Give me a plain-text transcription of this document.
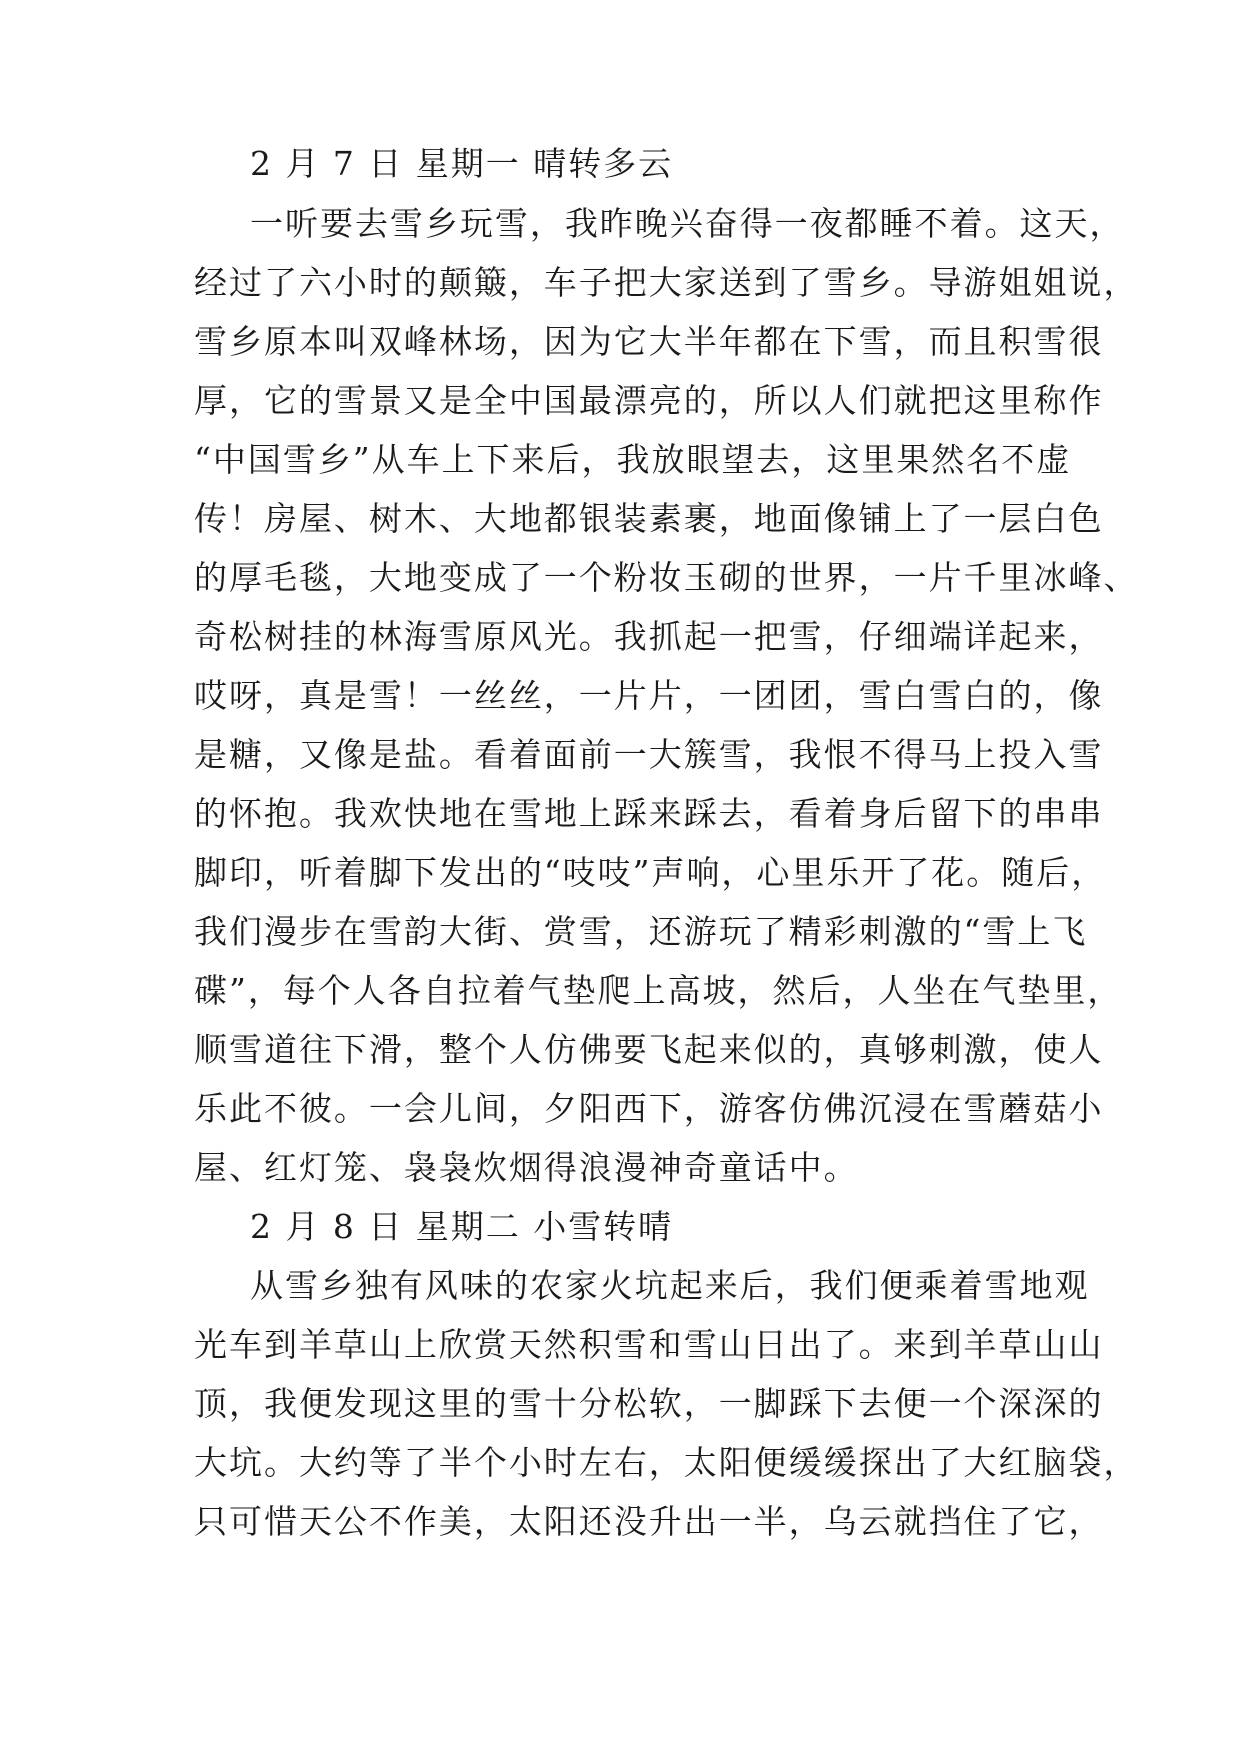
2 月 7 日 星期一 晴转多云
一听要去雪乡玩雪，我昨晚兴奋得一夜都睡不着。这天，
经过了六小时的颠簸，车子把大家送到了雪乡。导游姐姐说，
雪乡原本叫双峰林场，因为它大半年都在下雪，而且积雪很
厚，它的雪景又是全中国最漂亮的，所以人们就把这里称作
“中国雪乡”从车上下来后，我放眼望去，这里果然名不虚
传！房屋、树木、大地都银装素裹，地面像铺上了一层白色
的厚毛毯，大地变成了一个粉妆玉砌的世界，一片千里冰峰、
奇松树挂的林海雪原风光。我抓起一把雪，仔细端详起来，
哎呀，真是雪！一丝丝，一片片，一团团，雪白雪白的，像
是糖，又像是盐。看着面前一大簇雪，我恨不得马上投入雪
的怀抱。我欢快地在雪地上踩来踩去，看着身后留下的串串
脚印，听着脚下发出的“吱吱”声响，心里乐开了花。随后，
我们漫步在雪韵大街、赏雪，还游玩了精彩刺激的“雪上飞
碟”，每个人各自拉着气垫爬上高坡，然后，人坐在气垫里，
顺雪道往下滑，整个人仿佛要飞起来似的，真够刺激，使人
乐此不彼。一会儿间，夕阳西下，游客仿佛沉浸在雪蘑菇小
屋、红灯笼、袅袅炊烟得浪漫神奇童话中。
2 月 8 日 星期二 小雪转晴
从雪乡独有风味的农家火坑起来后，我们便乘着雪地观
光车到羊草山上欣赏天然积雪和雪山日出了。来到羊草山山
顶，我便发现这里的雪十分松软，一脚踩下去便一个深深的
大坑。大约等了半个小时左右，太阳便缓缓探出了大红脑袋，
只可惜天公不作美，太阳还没升出一半，乌云就挡住了它，
